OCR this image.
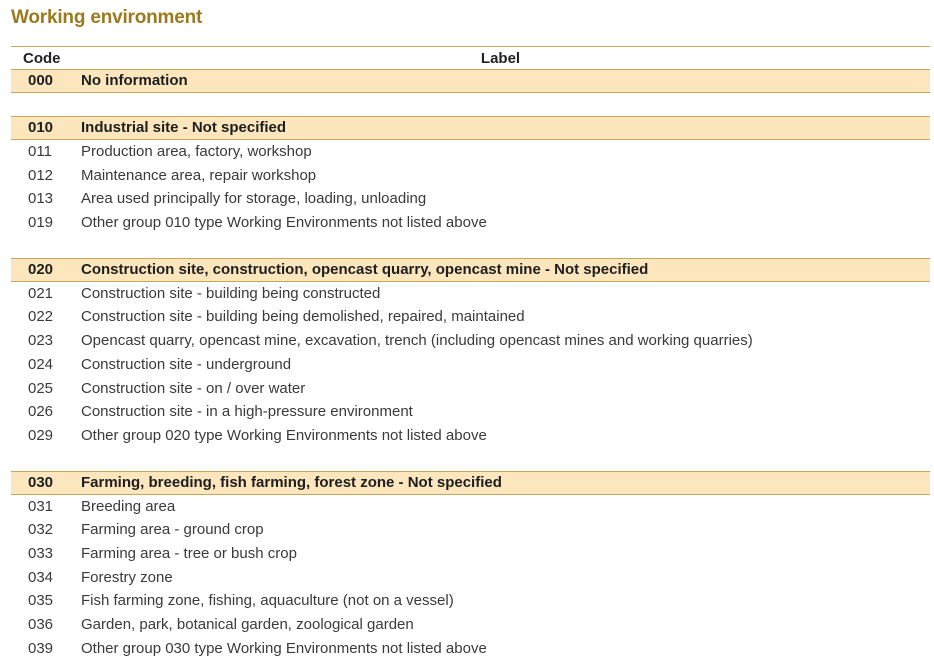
Working environment
Code	Label
000	No information
010	Industrial site - Not specified
011	Production area, factory, workshop
012	Maintenance area, repair workshop
013	Area used principally for storage, loading, unloading
019	Other group 010 type Working Environments not listed above
020	Construction site, construction, opencast quarry, opencast mine - Not specified
021	Construction site - building being constructed
022	Construction site - building being demolished, repaired, maintained
023	Opencast quarry, opencast mine, excavation, trench (including opencast mines and working quarries)
024	Construction site - underground
025	Construction site - on / over water
026	Construction site - in a high-pressure environment
029	Other group 020 type Working Environments not listed above
030	Farming, breeding, fish farming, forest zone - Not specified
031	Breeding area
032	Farming area - ground crop
033	Farming area - tree or bush crop
034	Forestry zone
035	Fish farming zone, fishing, aquaculture (not on a vessel)
036	Garden, park, botanical garden, zoological garden
039	Other group 030 type Working Environments not listed above
